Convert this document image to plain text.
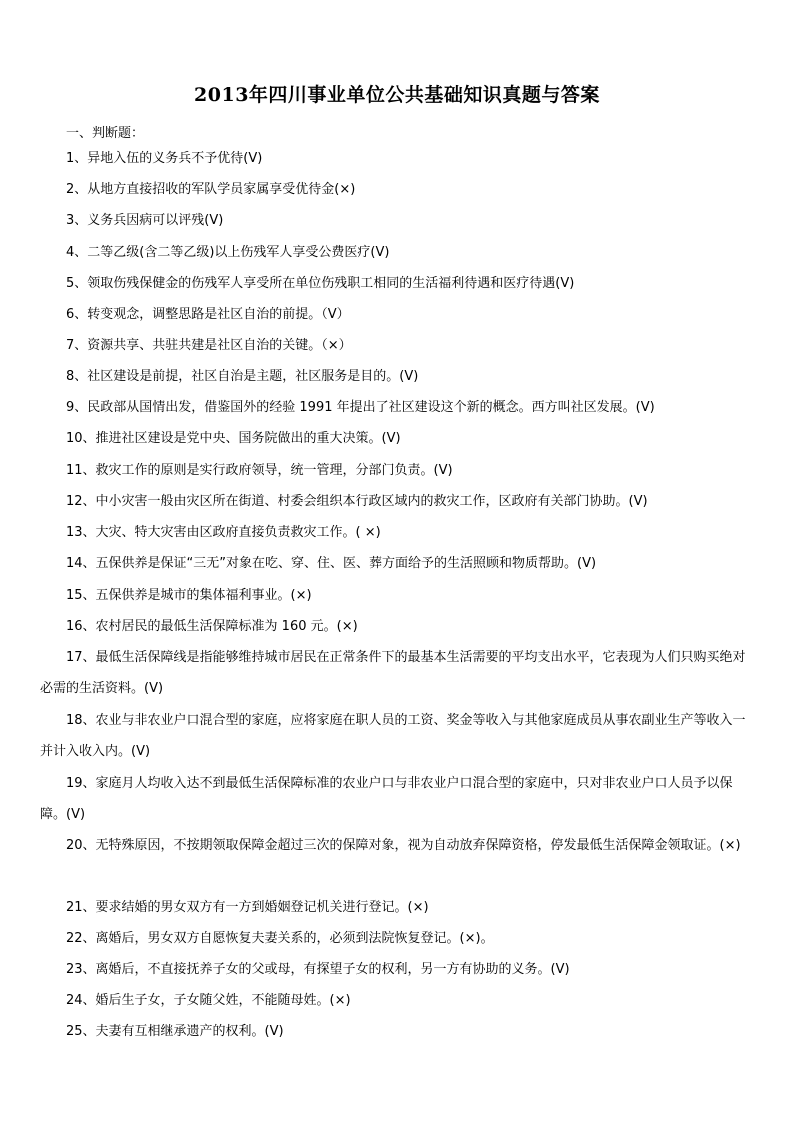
2013年四川事业单位公共基础知识真题与答案
一、判断题：
1、异地入伍的义务兵不予优待(V)
2、从地方直接招收的军队学员家属享受优待金(×)
3、义务兵因病可以评残(V)
4、二等乙级(含二等乙级)以上伤残军人享受公费医疗(V)
5、领取伤残保健金的伤残军人享受所在单位伤残职工相同的生活福利待遇和医疗待遇(V)
6、转变观念，调整思路是社区自治的前提。（V）
7、资源共享、共驻共建是社区自治的关键。（×）
8、社区建设是前提，社区自治是主题，社区服务是目的。(V)
9、民政部从国情出发，借鉴国外的经验 1991 年提出了社区建设这个新的概念。西方叫社区发展。(V)
10、推进社区建设是党中央、国务院做出的重大决策。(V)
11、救灾工作的原则是实行政府领导，统一管理，分部门负责。(V)
12、中小灾害一般由灾区所在街道、村委会组织本行政区域内的救灾工作，区政府有关部门协助。(V)
13、大灾、特大灾害由区政府直接负责救灾工作。( ×)
14、五保供养是保证“三无”对象在吃、穿、住、医、葬方面给予的生活照顾和物质帮助。(V)
15、五保供养是城市的集体福利事业。(×)
16、农村居民的最低生活保障标准为 160 元。(×)
17、最低生活保障线是指能够维持城市居民在正常条件下的最基本生活需要的平均支出水平，它表现为人们只购买绝对必需的生活资料。(V)
18、农业与非农业户口混合型的家庭，应将家庭在职人员的工资、奖金等收入与其他家庭成员从事农副业生产等收入一并计入收入内。(V)
19、家庭月人均收入达不到最低生活保障标准的农业户口与非农业户口混合型的家庭中，只对非农业户口人员予以保障。(V)
20、无特殊原因，不按期领取保障金超过三次的保障对象，视为自动放弃保障资格，停发最低生活保障金领取证。(×)
21、要求结婚的男女双方有一方到婚姻登记机关进行登记。(×)
22、离婚后，男女双方自愿恢复夫妻关系的，必须到法院恢复登记。(×)。
23、离婚后，不直接抚养子女的父或母，有探望子女的权利，另一方有协助的义务。(V)
24、婚后生子女，子女随父姓，不能随母姓。(×)
25、夫妻有互相继承遗产的权利。(V)
